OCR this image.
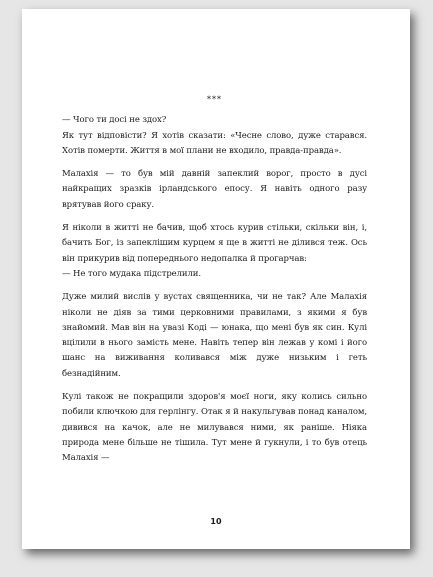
***

— Чого ти досі не здох?

Як тут відповісти? Я хотів сказати: «Чесне слово, дуже старався. Хотів померти. Життя в мої плани не входило, правда-правда».

Малахія — то був мій давній запеклий ворог, просто в дусі найкращих зразків ірландського епосу. Я навіть одного разу врятував його сраку.

Я ніколи в житті не бачив, щоб хтось курив стільки, скільки він, і, бачить Бог, із запеклішим курцем я ще в житті не ділився теж. Ось він прикурив від попереднього недопалка й прогарчав:

— Не того мудака підстрелили.

Дуже милий вислів у вустах священника, чи не так? Але Малахія ніколи не діяв за тими церковними правилами, з якими я був знайомий. Мав він на увазі Коді — юнака, що мені був як син. Кулі вцілили в нього замість мене. Навіть тепер він лежав у комі і його шанс на виживання коливався між дуже низьким і геть безнадійним.

Кулі також не покращили здоров'я моєї ноги, яку колись сильно побили ключкою для герлінгу. Отак я й накульгував понад каналом, дивився на качок, але не милувався ними, як раніше. Ніяка природа мене більше не тішила. Тут мене й гукнули, і то був отець Малахія —

10
